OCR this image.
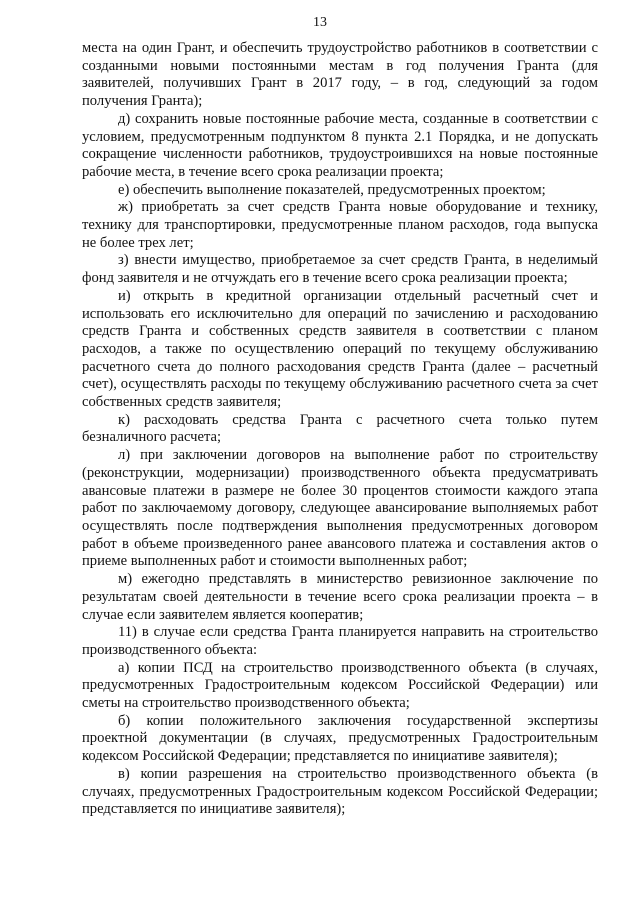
13

места на один Грант, и обеспечить трудоустройство работников в соответствии с созданными новыми постоянными местам в год получения Гранта (для заявителей, получивших Грант в 2017 году, – в год, следующий за годом получения Гранта);

д) сохранить новые постоянные рабочие места, созданные в соответствии с условием, предусмотренным подпунктом 8 пункта 2.1 Порядка, и не допускать сокращение численности работников, трудоустроившихся на новые постоянные рабочие места, в течение всего срока реализации проекта;

е) обеспечить выполнение показателей, предусмотренных проектом;

ж) приобретать за счет средств Гранта новые оборудование и технику, технику для транспортировки, предусмотренные планом расходов, года выпуска не более трех лет;

з) внести имущество, приобретаемое за счет средств Гранта, в неделимый фонд заявителя и не отчуждать его в течение всего срока реализации проекта;

и) открыть в кредитной организации отдельный расчетный счет и использовать его исключительно для операций по зачислению и расходованию средств Гранта и собственных средств заявителя в соответствии с планом расходов, а также по осуществлению операций по текущему обслуживанию расчетного счета до полного расходования средств Гранта (далее – расчетный счет), осуществлять расходы по текущему обслуживанию расчетного счета за счет собственных средств заявителя;

к) расходовать средства Гранта с расчетного счета только путем безналичного расчета;

л) при заключении договоров на выполнение работ по строительству (реконструкции, модернизации) производственного объекта предусматривать авансовые платежи в размере не более 30 процентов стоимости каждого этапа работ по заключаемому договору, следующее авансирование выполняемых работ осуществлять после подтверждения выполнения предусмотренных договором работ в объеме произведенного ранее авансового платежа и составления актов о приеме выполненных работ и стоимости выполненных работ;

м) ежегодно представлять в министерство ревизионное заключение по результатам своей деятельности в течение всего срока реализации проекта – в случае если заявителем является кооператив;

11) в случае если средства Гранта планируется направить на строительство производственного объекта:

а) копии ПСД на строительство производственного объекта (в случаях, предусмотренных Градостроительным кодексом Российской Федерации) или сметы на строительство производственного объекта;

б) копии положительного заключения государственной экспертизы проектной документации (в случаях, предусмотренных Градостроительным кодексом Российской Федерации; представляется по инициативе заявителя);

в) копии разрешения на строительство производственного объекта (в случаях, предусмотренных Градостроительным кодексом Российской Федерации; представляется по инициативе заявителя);
